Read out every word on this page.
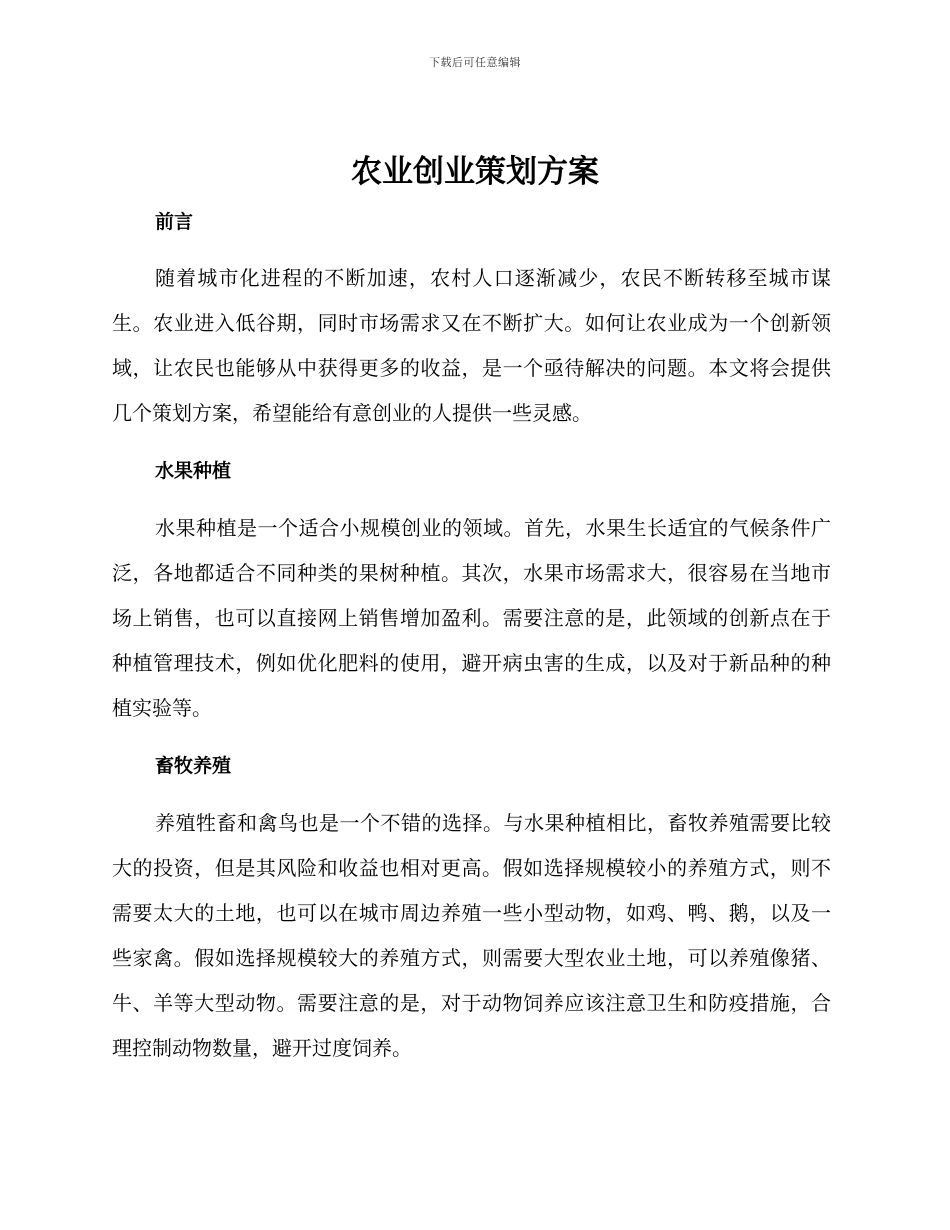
下载后可任意编辑
农业创业策划方案
前言

随着城市化进程的不断加速，农村人口逐渐减少，农民不断转移至城市谋生。农业进入低谷期，同时市场需求又在不断扩大。如何让农业成为一个创新领域，让农民也能够从中获得更多的收益，是一个亟待解决的问题。本文将会提供几个策划方案，希望能给有意创业的人提供一些灵感。

水果种植

水果种植是一个适合小规模创业的领域。首先，水果生长适宜的气候条件广泛，各地都适合不同种类的果树种植。其次，水果市场需求大，很容易在当地市场上销售，也可以直接网上销售增加盈利。需要注意的是，此领域的创新点在于种植管理技术，例如优化肥料的使用，避开病虫害的生成，以及对于新品种的种植实验等。

畜牧养殖

养殖牲畜和禽鸟也是一个不错的选择。与水果种植相比，畜牧养殖需要比较大的投资，但是其风险和收益也相对更高。假如选择规模较小的养殖方式，则不需要太大的土地，也可以在城市周边养殖一些小型动物，如鸡、鸭、鹅，以及一些家禽。假如选择规模较大的养殖方式，则需要大型农业土地，可以养殖像猪、牛、羊等大型动物。需要注意的是，对于动物饲养应该注意卫生和防疫措施，合理控制动物数量，避开过度饲养。
